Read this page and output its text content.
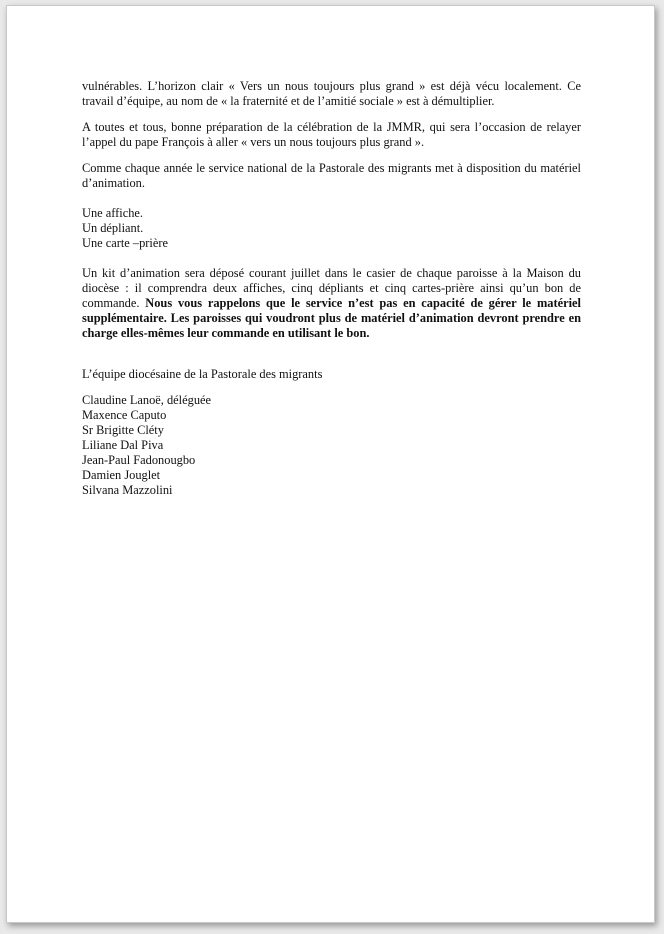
vulnérables. L’horizon clair « Vers un nous toujours plus grand » est déjà vécu localement. Ce travail d’équipe, au nom de « la fraternité et de l’amitié sociale » est à démultiplier.

A toutes et tous, bonne préparation de la célébration de la JMMR, qui sera l’occasion de relayer l’appel du pape François à aller « vers un nous toujours plus grand ».

Comme chaque année le service national de la Pastorale des migrants met à disposition du matériel d’animation.

Une affiche.
Un dépliant.
Une carte –prière

Un kit d’animation sera déposé courant juillet dans le casier de chaque paroisse à la Maison du diocèse : il comprendra deux affiches, cinq dépliants et cinq cartes-prière ainsi qu’un bon de commande. Nous vous rappelons que le service n’est pas en capacité de gérer le matériel supplémentaire. Les paroisses qui voudront plus de matériel d’animation devront prendre en charge elles-mêmes leur commande en utilisant le bon.

L’équipe diocésaine de la Pastorale des migrants
Claudine Lanoë, déléguée
Maxence Caputo
Sr Brigitte Cléty
Liliane Dal Piva
Jean-Paul Fadonougbo
Damien Jouglet
Silvana Mazzolini
